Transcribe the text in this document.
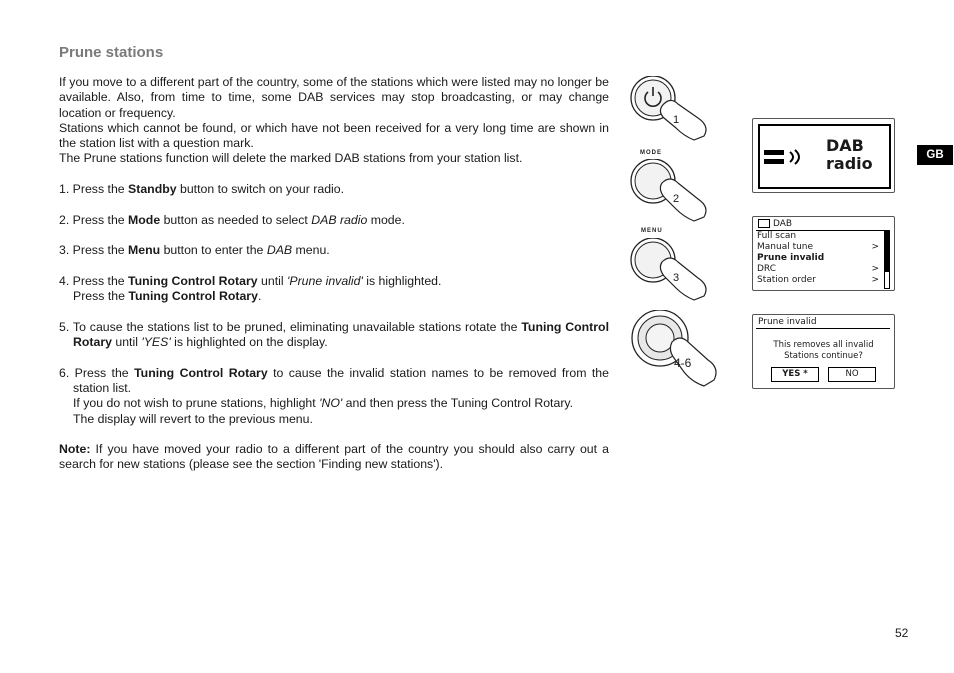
Prune stations

If you move to a different part of the country, some of the stations which were listed may no longer be available. Also, from time to time, some DAB services may stop broadcasting, or may change location or frequency.

Stations which cannot be found, or which have not been received for a very long time are shown in the station list with a question mark.

The Prune stations function will delete the marked DAB stations from your station list.

1. Press the Standby button to switch on your radio.

2. Press the Mode button as needed to select DAB radio mode.

3. Press the Menu button to enter the DAB menu.

4. Press the Tuning Control Rotary until 'Prune invalid' is highlighted.

Press the Tuning Control Rotary.

5. To cause the stations list to be pruned, eliminating unavailable stations rotate the Tuning Control Rotary until 'YES' is highlighted on the display.

6. Press the Tuning Control Rotary to cause the invalid station names to be removed from the station list.

If you do not wish to prune stations, highlight 'NO' and then press the Tuning Control Rotary.

The display will revert to the previous menu.

Note: If you have moved your radio to a different part of the country you should also carry out a search for new stations (please see the section 'Finding new stations').

1
MODE
2
MENU
3
4-6
DAB
radio
DAB
Full scan
Manual tune	>
Prune invalid
DRC	>
Station order	>
Prune invalid
This removes all invalid
Stations continue?
YES *	NO
GB
52
